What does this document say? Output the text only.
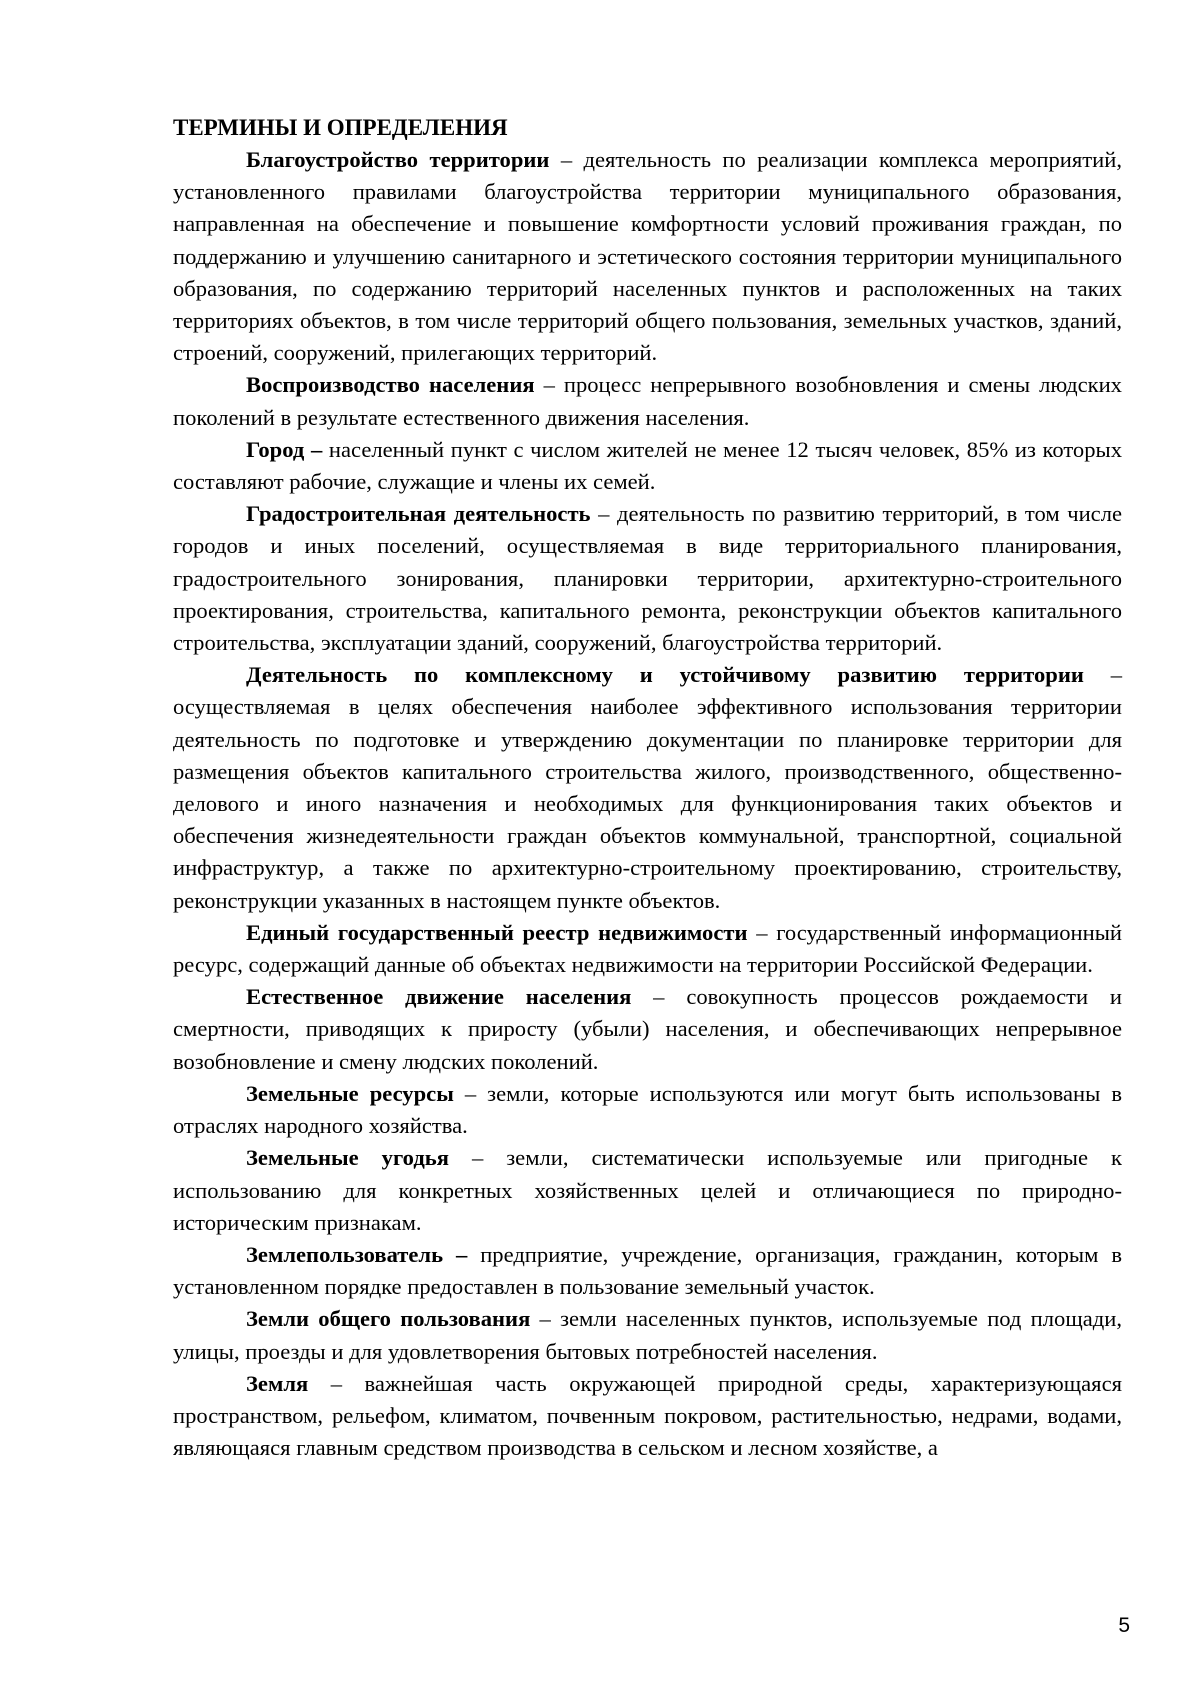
ТЕРМИНЫ И ОПРЕДЕЛЕНИЯ

Благоустройство территории – деятельность по реализации комплекса мероприятий, установленного правилами благоустройства территории муниципального образования, направленная на обеспечение и повышение комфортности условий проживания граждан, по поддержанию и улучшению санитарного и эстетического состояния территории муниципального образования, по содержанию территорий населенных пунктов и расположенных на таких территориях объектов, в том числе территорий общего пользования, земельных участков, зданий, строений, сооружений, прилегающих территорий.

Воспроизводство населения – процесс непрерывного возобновления и смены людских поколений в результате естественного движения населения.

Город – населенный пункт с числом жителей не менее 12 тысяч человек, 85% из которых составляют рабочие, служащие и члены их семей.

Градостроительная деятельность – деятельность по развитию территорий, в том числе городов и иных поселений, осуществляемая в виде территориального планирования, градостроительного зонирования, планировки территории, архитектурно-строительного проектирования, строительства, капитального ремонта, реконструкции объектов капитального строительства, эксплуатации зданий, сооружений, благоустройства территорий.

Деятельность по комплексному и устойчивому развитию территории – осуществляемая в целях обеспечения наиболее эффективного использования территории деятельность по подготовке и утверждению документации по планировке территории для размещения объектов капитального строительства жилого, производственного, общественно-делового и иного назначения и необходимых для функционирования таких объектов и обеспечения жизнедеятельности граждан объектов коммунальной, транспортной, социальной инфраструктур, а также по архитектурно-строительному проектированию, строительству, реконструкции указанных в настоящем пункте объектов.

Единый государственный реестр недвижимости – государственный информационный ресурс, содержащий данные об объектах недвижимости на территории Российской Федерации.

Естественное движение населения – совокупность процессов рождаемости и смертности, приводящих к приросту (убыли) населения, и обеспечивающих непрерывное возобновление и смену людских поколений.

Земельные ресурсы – земли, которые используются или могут быть использованы в отраслях народного хозяйства.

Земельные угодья – земли, систематически используемые или пригодные к использованию для конкретных хозяйственных целей и отличающиеся по природно-историческим признакам.

Землепользователь – предприятие, учреждение, организация, гражданин, которым в установленном порядке предоставлен в пользование земельный участок.

Земли общего пользования – земли населенных пунктов, используемые под площади, улицы, проезды и для удовлетворения бытовых потребностей населения.

Земля – важнейшая часть окружающей природной среды, характеризующаяся пространством, рельефом, климатом, почвенным покровом, растительностью, недрами, водами, являющаяся главным средством производства в сельском и лесном хозяйстве, а

5
